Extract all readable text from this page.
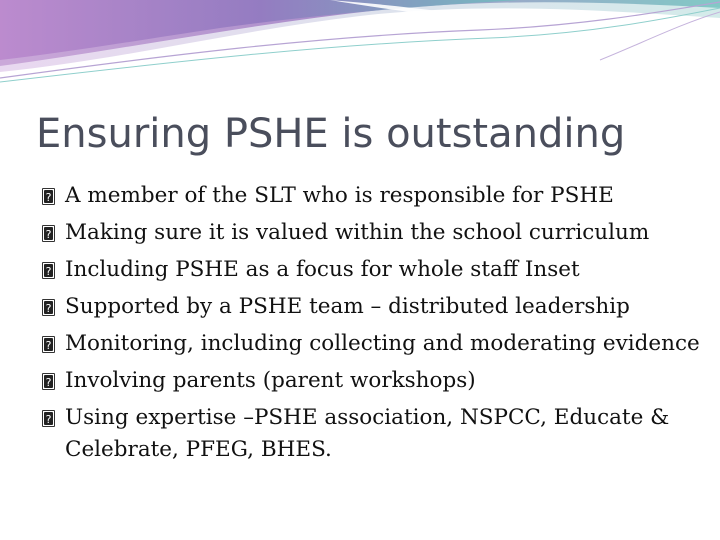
Ensuring PSHE is outstanding
?
A member of the SLT who is responsible for PSHE
?
Making sure it is valued within the school curriculum
?
Including PSHE as a focus for whole staff Inset
?
Supported by a PSHE team – distributed leadership
?
Monitoring, including collecting and moderating evidence
?
Involving parents (parent workshops)
?
Using expertise –PSHE association, NSPCC, Educate & Celebrate, PFEG, BHES.
